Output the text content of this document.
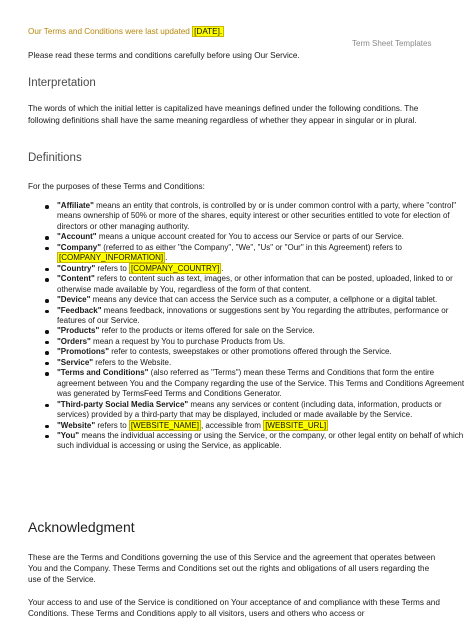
Our Terms and Conditions were last updated [DATE].
Term Sheet Templates
Please read these terms and conditions carefully before using Our Service.
Interpretation
The words of which the initial letter is capitalized have meanings defined under the following conditions. The following definitions shall have the same meaning regardless of whether they appear in singular or in plural.
Definitions
For the purposes of these Terms and Conditions:
"Affiliate" means an entity that controls, is controlled by or is under common control with a party, where "control" means ownership of 50% or more of the shares, equity interest or other securities entitled to vote for election of directors or other managing authority.
"Account" means a unique account created for You to access our Service or parts of our Service.
"Company" (referred to as either "the Company", "We", "Us" or "Our" in this Agreement) refers to [COMPANY_INFORMATION] .
"Country" refers to [COMPANY_COUNTRY] .
"Content" refers to content such as text, images, or other information that can be posted, uploaded, linked to or otherwise made available by You, regardless of the form of that content.
"Device" means any device that can access the Service such as a computer, a cellphone or a digital tablet.
"Feedback" means feedback, innovations or suggestions sent by You regarding the attributes, performance or features of our Service.
"Products" refer to the products or items offered for sale on the Service.
"Orders" mean a request by You to purchase Products from Us.
"Promotions" refer to contests, sweepstakes or other promotions offered through the Service.
"Service" refers to the Website.
"Terms and Conditions" (also referred as "Terms") mean these Terms and Conditions that form the entire agreement between You and the Company regarding the use of the Service. This Terms and Conditions Agreement was generated by TermsFeed Terms and Conditions Generator.
"Third-party Social Media Service" means any services or content (including data, information, products or services) provided by a third-party that may be displayed, included or made available by the Service.
"Website" refers to [WEBSITE_NAME] , accessible from [WEBSITE_URL]
"You" means the individual accessing or using the Service, or the company, or other legal entity on behalf of which such individual is accessing or using the Service, as applicable.
Acknowledgment
These are the Terms and Conditions governing the use of this Service and the agreement that operates between You and the Company. These Terms and Conditions set out the rights and obligations of all users regarding the use of the Service.
Your access to and use of the Service is conditioned on Your acceptance of and compliance with these Terms and Conditions. These Terms and Conditions apply to all visitors, users and others who access or
